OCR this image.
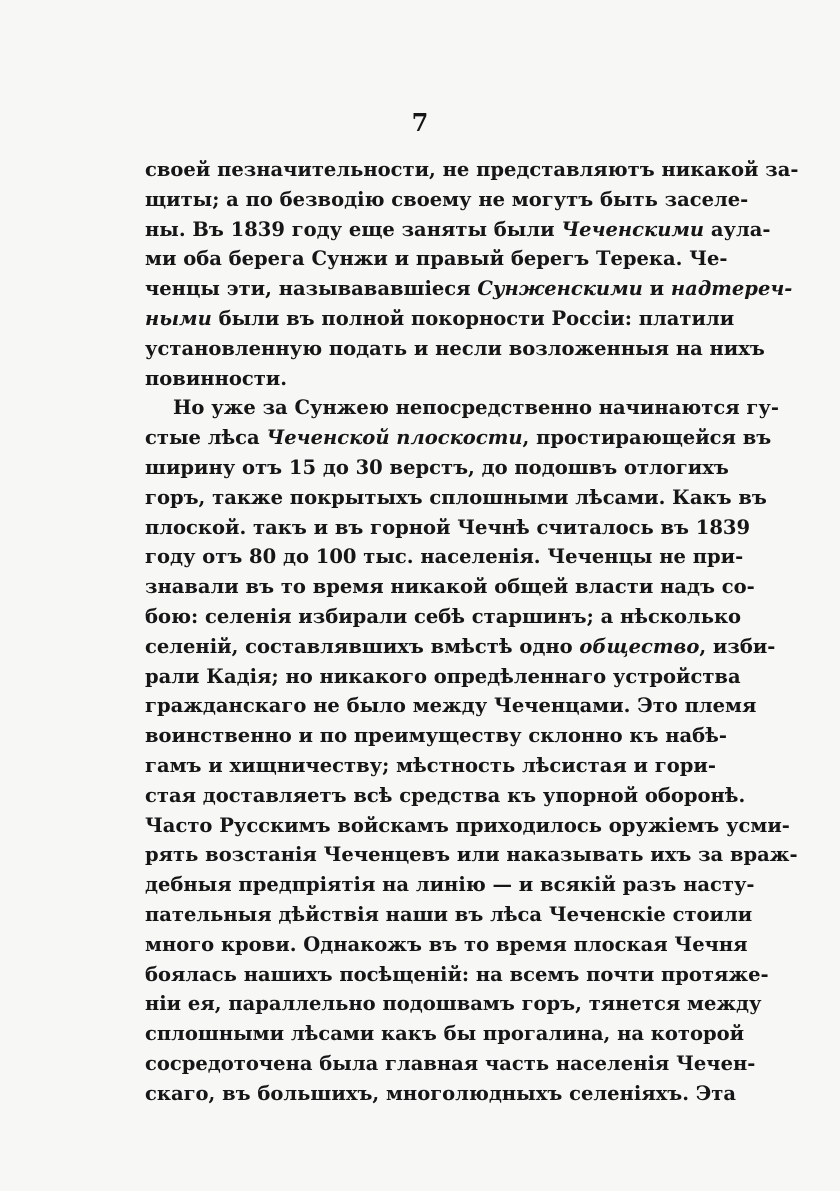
7
своей пезначительности, не представляютъ никакой за-
щиты; а по безводію своему не могутъ быть заселе-
ны. Въ 1839 году еще заняты были Чеченскими аула-
ми оба берега Сунжи и правый берегъ Терека. Че-
ченцы эти, назывававшіеся Сунженскими и надтереч-
ными были въ полной покорности Россіи: платили
установленную подать и несли возложенныя на нихъ
повинности.
Но уже за Сунжею непосредственно начинаются гу-
стые лѣса Чеченской плоскости, простирающейся въ
ширину отъ 15 до 30 верстъ, до подошвъ отлогихъ
горъ, также покрытыхъ сплошными лѣсами. Какъ въ
плоской. такъ и въ горной Чечнѣ считалось въ 1839
году отъ 80 до 100 тыс. населенія. Чеченцы не при-
знавали въ то время никакой общей власти надъ со-
бою: селенія избирали себѣ старшинъ; а нѣсколько
селеній, составлявшихъ вмѣстѣ одно общество, изби-
рали Кадія; но никакого опредѣленнаго устройства
гражданскаго не было между Чеченцами. Это племя
воинственно и по преимуществу склонно къ набѣ-
гамъ и хищничеству; мѣстность лѣсистая и гори-
стая доставляетъ всѣ средства къ упорной оборонѣ.
Часто Русскимъ войскамъ приходилось оружіемъ усми-
рять возстанія Чеченцевъ или наказывать ихъ за враж-
дебныя предпріятія на линію — и всякій разъ насту-
пательныя дѣйствія наши въ лѣса Чеченскіе стоили
много крови. Однакожъ въ то время плоская Чечня
боялась нашихъ посѣщеній: на всемъ почти протяже-
ніи ея, параллельно подошвамъ горъ, тянется между
сплошными лѣсами какъ бы прогалина, на которой
сосредоточена была главная часть населенія Чечен-
скаго, въ большихъ, многолюдныхъ селеніяхъ. Эта
